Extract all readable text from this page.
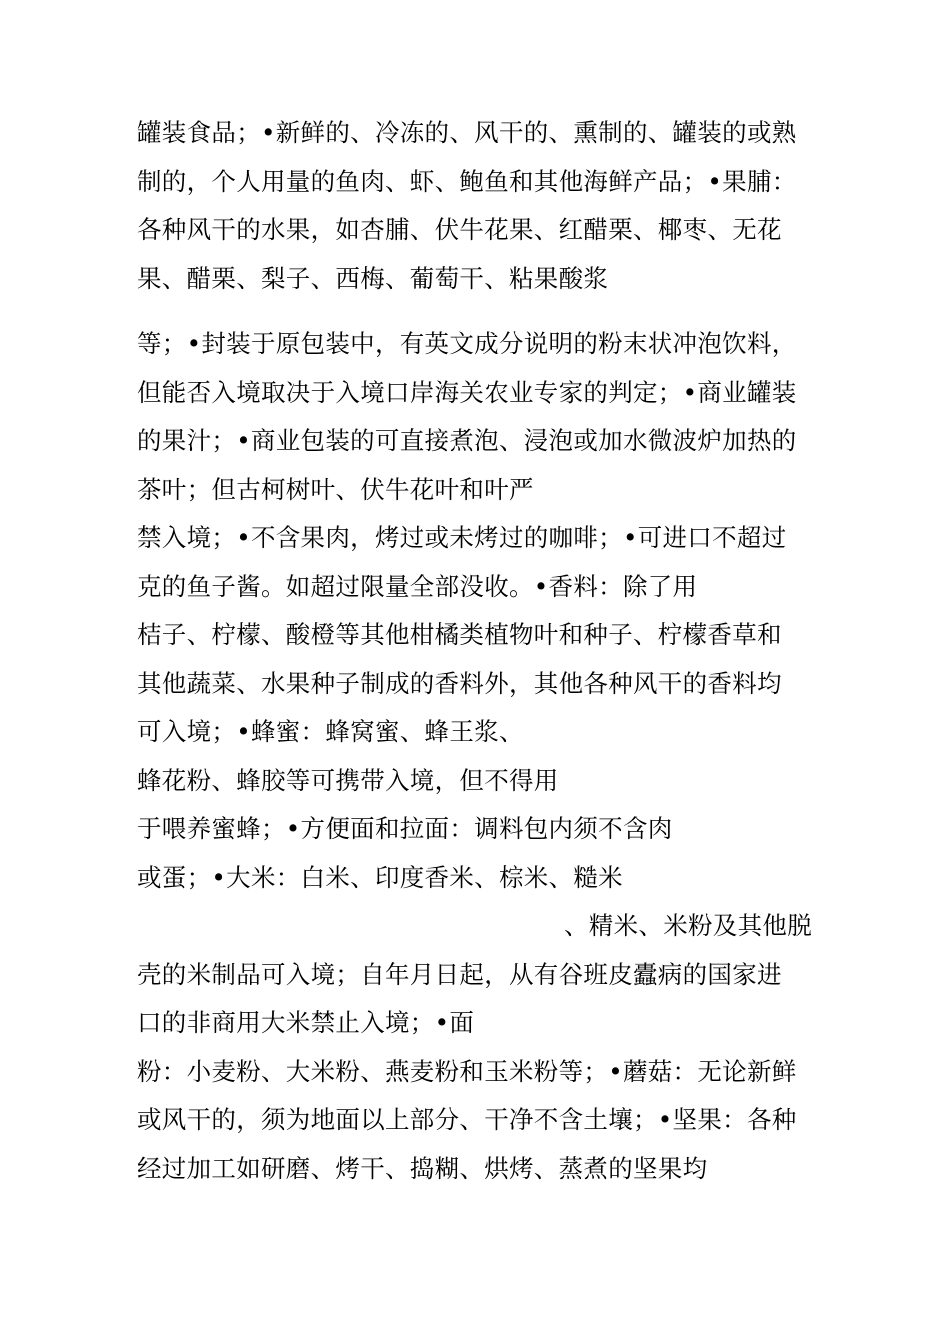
罐装食品；•新鲜的、冷冻的、风干的、熏制的、罐装的或熟
制的，个人用量的鱼肉、虾、鲍鱼和其他海鲜产品；•果脯：
各种风干的水果，如杏脯、伏牛花果、红醋栗、椰枣、无花
果、醋栗、梨子、西梅、葡萄干、粘果酸浆
等；•封装于原包装中，有英文成分说明的粉末状冲泡饮料，
但能否入境取决于入境口岸海关农业专家的判定；•商业罐装
的果汁；•商业包装的可直接煮泡、浸泡或加水微波炉加热的
茶叶；但古柯树叶、伏牛花叶和叶严
禁入境；•不含果肉，烤过或未烤过的咖啡；•可进口不超过
克的鱼子酱。如超过限量全部没收。•香料：除了用
桔子、柠檬、酸橙等其他柑橘类植物叶和种子、柠檬香草和
其他蔬菜、水果种子制成的香料外，其他各种风干的香料均
可入境；•蜂蜜：蜂窝蜜、蜂王浆、
蜂花粉、蜂胶等可携带入境，但不得用
于喂养蜜蜂；•方便面和拉面：调料包内须不含肉
或蛋；•大米：白米、印度香米、棕米、糙米
、精米、米粉及其他脱
壳的米制品可入境；自年月日起，从有谷班皮蠹病的国家进
口的非商用大米禁止入境；•面
粉：小麦粉、大米粉、燕麦粉和玉米粉等；•蘑菇：无论新鲜
或风干的，须为地面以上部分、干净不含土壤；•坚果：各种
经过加工如研磨、烤干、捣糊、烘烤、蒸煮的坚果均
